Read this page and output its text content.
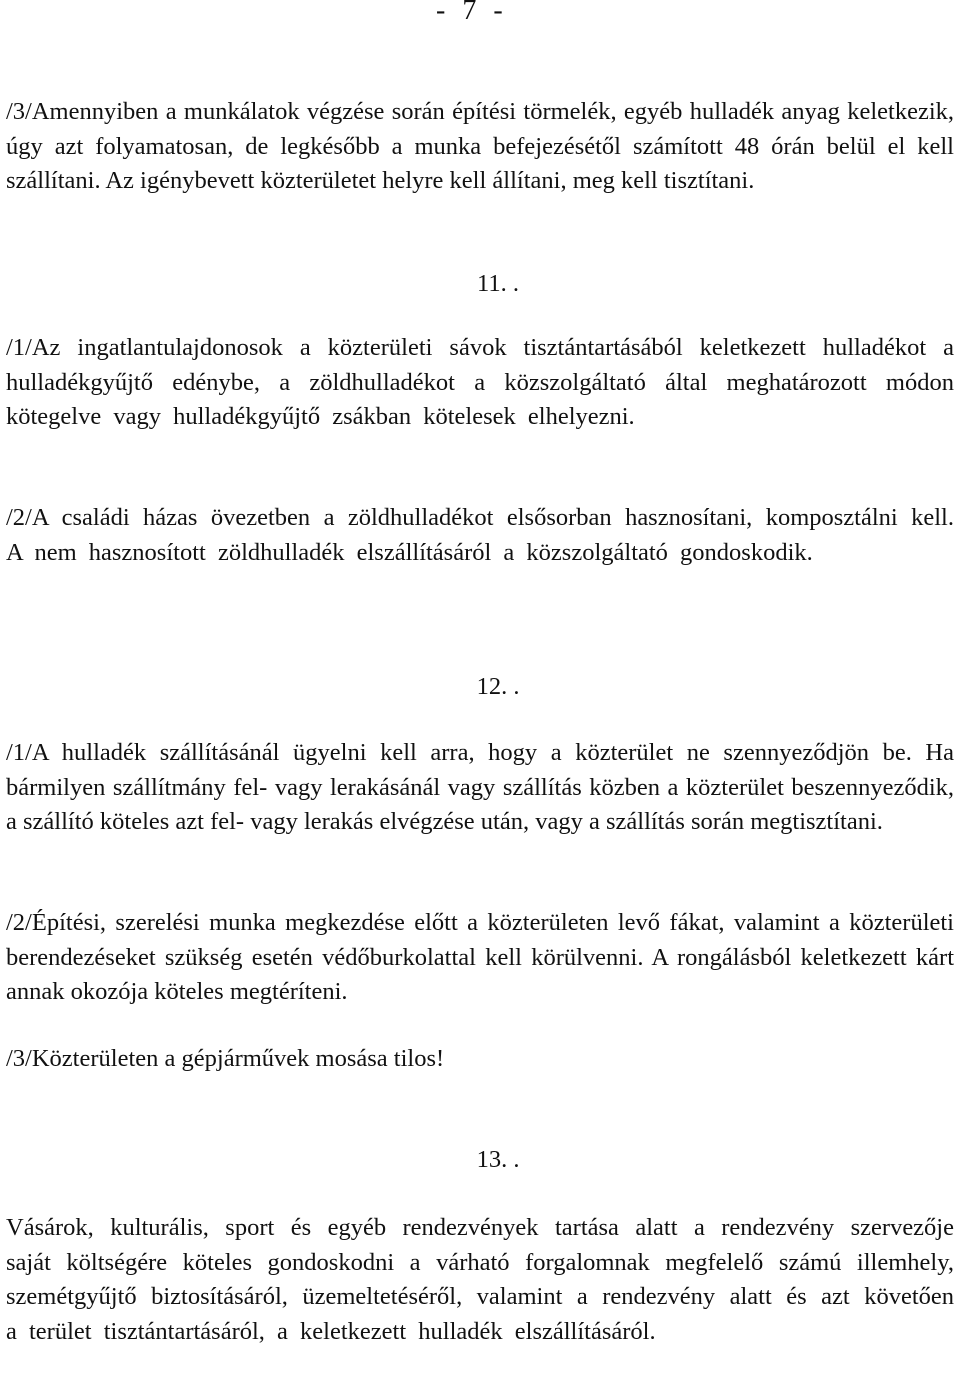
-  7  -

/3/Amennyiben a munkálatok végzése során építési törmelék, egyéb hulladék anyag keletkezik, úgy azt folyamatosan, de legkésőbb a munka befejezésétől számított 48 órán belül el kell szállítani. Az igénybevett közterületet helyre kell állítani, meg kell tisztítani.

11. .

/1/Az ingatlantulajdonosok a közterületi sávok tisztántartásából keletkezett hulladékot a hulladékgyűjtő edénybe, a zöldhulladékot a közszolgáltató által meghatározott módon kötegelve vagy hulladékgyűjtő zsákban kötelesek elhelyezni.

/2/A családi házas övezetben a zöldhulladékot elsősorban hasznosítani, komposztálni kell. A nem hasznosított zöldhulladék elszállításáról a közszolgáltató gondoskodik.

12. .

/1/A hulladék szállításánál ügyelni kell arra, hogy a közterület ne szennyeződjön be. Ha bármilyen szállítmány fel- vagy lerakásánál vagy szállítás közben a közterület beszennyeződik, a szállító köteles azt fel- vagy lerakás elvégzése után, vagy a szállítás során megtisztítani.

/2/Építési, szerelési munka megkezdése előtt a közterületen levő fákat, valamint a közterületi berendezéseket szükség esetén védőburkolattal kell körülvenni. A rongálásból keletkezett kárt annak okozója köteles megtéríteni.

/3/Közterületen a gépjárművek mosása tilos!

13. .

Vásárok, kulturális, sport és egyéb rendezvények tartása alatt a rendezvény szervezője saját költségére köteles gondoskodni a várható forgalomnak megfelelő számú illemhely, szemétgyűjtő biztosításáról, üzemeltetéséről, valamint a rendezvény alatt és azt követően a terület tisztántartásáról, a keletkezett hulladék elszállításáról.
